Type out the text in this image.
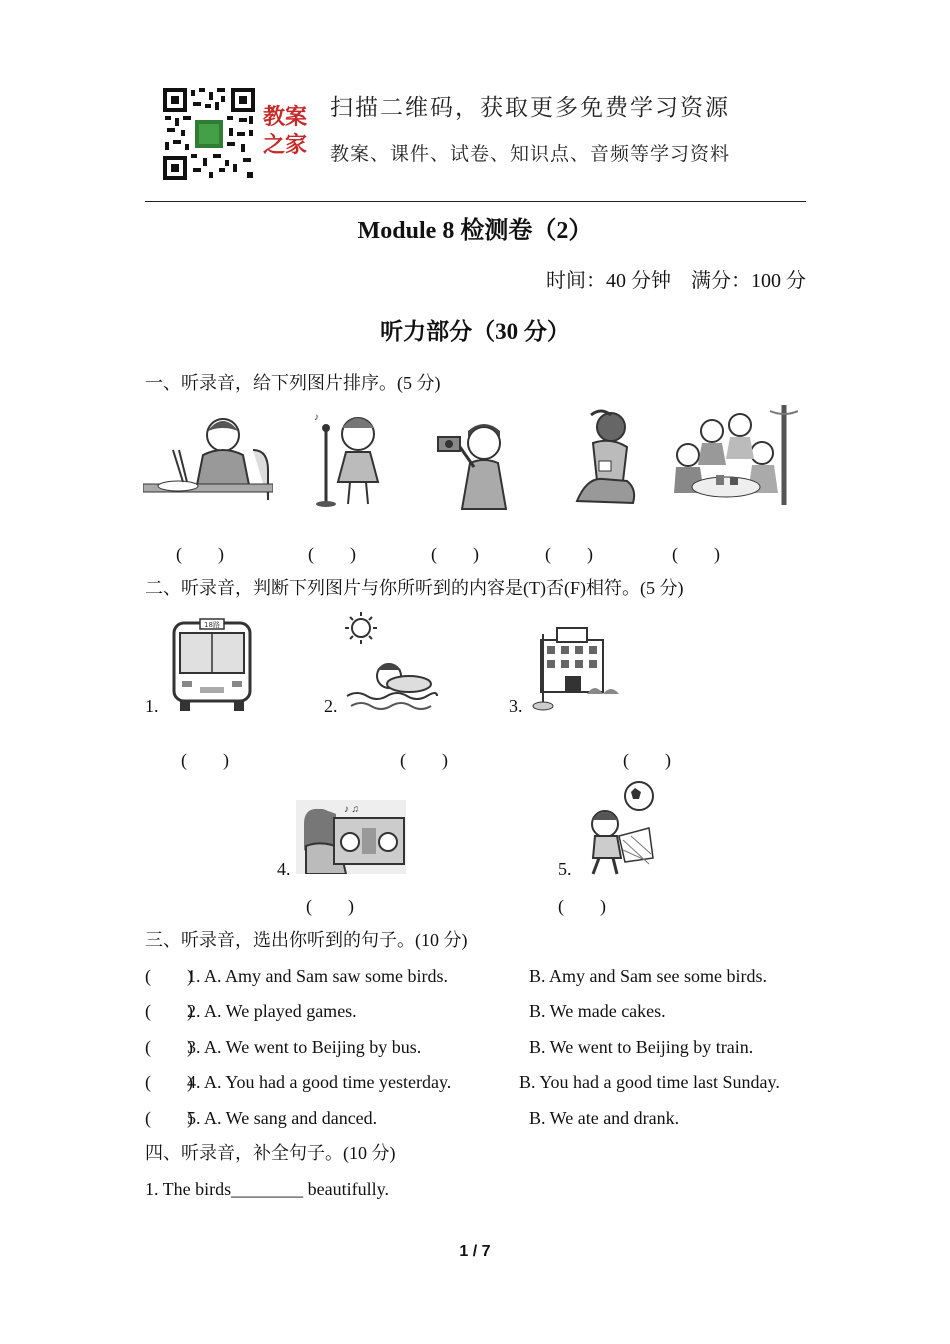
教案之家
扫描二维码，获取更多免费学习资源
教案、课件、试卷、知识点、音频等学习资料
Module 8 检测卷（2）
时间：40 分钟　满分：100 分
听力部分（30 分）
一、听录音，给下列图片排序。(5 分)
♪
(　　)	(　　)	(　　)	(　　)	(　　)
二、听录音，判断下列图片与你所听到的内容是(T)否(F)相符。(5 分)
1.
18路
2.	3.
(　　)	(　　)	(　　)
4.
♪ ♫
5.
(　　)	(　　)
三、听录音，选出你听到的句子。(10 分)
(　　)
1. A. Amy and Sam saw some birds.	B. Amy and Sam see some birds.
(　　)
2. A. We played games.	B. We made cakes.
(　　)
3. A. We went to Beijing by bus.	B. We went to Beijing by train.
(　　)
4. A. You had a good time yesterday.	B. You had a good time last Sunday.
(　　)
5. A. We sang and danced.	B. We ate and drank.
四、听录音，补全句子。(10 分)
1. The birds________ beautifully.
1 / 7
